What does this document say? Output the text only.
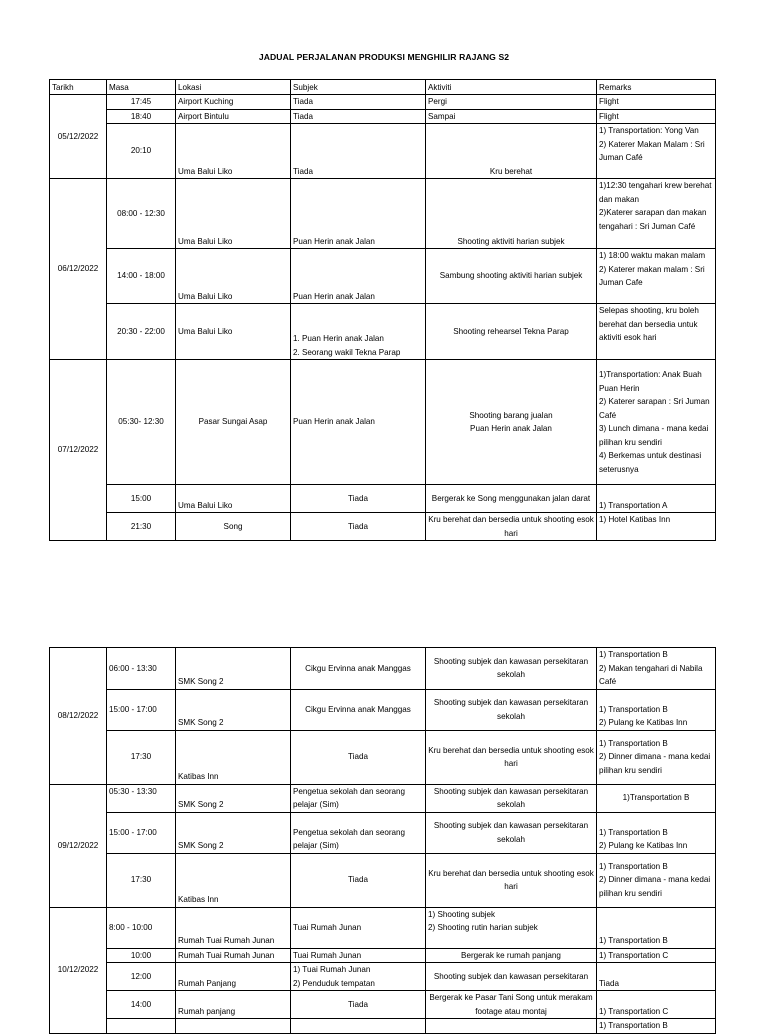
JADUAL PERJALANAN PRODUKSI MENGHILIR RAJANG S2
Tarikh	Masa	Lokasi	Subjek	Aktiviti	Remarks
05/12/2022	17:45	Airport Kuching	Tiada	Pergi	Flight
	18:40	Airport Bintulu	Tiada	Sampai	Flight
	20:10	Uma Balui Liko	Tiada	Kru berehat	1) Transportation: Yong Van
2) Katerer Makan Malam : Sri Juman Café
06/12/2022	08:00 - 12:30	Uma Balui Liko	Puan Herin anak Jalan	Shooting aktiviti harian subjek	1)12:30 tengahari krew berehat dan makan
2)Katerer sarapan dan makan tengahari : Sri Juman Café
	14:00 - 18:00	Uma Balui Liko	Puan Herin anak Jalan	Sambung shooting aktiviti harian subjek	1) 18:00 waktu makan malam
2) Katerer makan malam : Sri Juman Cafe
	20:30 - 22:00	Uma Balui Liko	1. Puan Herin anak Jalan
2. Seorang wakil Tekna Parap	Shooting rehearsel Tekna Parap	Selepas shooting, kru boleh berehat dan bersedia untuk aktiviti esok hari
07/12/2022	05:30- 12:30	Pasar Sungai Asap	Puan Herin anak Jalan	Shooting barang jualan
Puan Herin anak Jalan	1)Transportation: Anak Buah Puan Herin
2) Katerer sarapan : Sri Juman Café
3) Lunch dimana - mana kedai pilihan kru sendiri
4) Berkemas untuk destinasi seterusnya
	15:00	Uma Balui Liko	Tiada	Bergerak ke Song menggunakan jalan darat	1) Transportation A
	21:30	Song	Tiada	Kru berehat dan bersedia untuk shooting esok hari	1) Hotel Katibas Inn
08/12/2022	06:00 - 13:30	SMK Song 2	Cikgu Ervinna anak Manggas	Shooting subjek dan kawasan persekitaran sekolah	1) Transportation B
2) Makan tengahari di Nabila Café
	15:00 - 17:00	SMK Song 2	Cikgu Ervinna anak Manggas	Shooting subjek dan kawasan persekitaran sekolah	1) Transportation B
2) Pulang ke Katibas Inn
	17:30	Katibas Inn	Tiada	Kru berehat dan bersedia untuk shooting esok hari	1) Transportation B
2) Dinner dimana - mana kedai pilihan kru sendiri
09/12/2022	05:30 - 13:30	SMK Song 2	Pengetua sekolah dan seorang pelajar (Sim)	Shooting subjek dan kawasan persekitaran sekolah	1)Transportation B
	15:00 - 17:00	SMK Song 2	Pengetua sekolah dan seorang pelajar (Sim)	Shooting subjek dan kawasan persekitaran sekolah	1) Transportation B
2) Pulang ke Katibas Inn
	17:30	Katibas Inn	Tiada	Kru berehat dan bersedia untuk shooting esok hari	1) Transportation B
2) Dinner dimana - mana kedai pilihan kru sendiri
10/12/2022	8:00 - 10:00	Rumah Tuai Rumah Junan	Tuai Rumah Junan	1) Shooting subjek
2) Shooting rutin harian subjek	1) Transportation B
	10:00	Rumah Tuai Rumah Junan	Tuai Rumah Junan	Bergerak ke rumah panjang	1) Transportation C
	12:00	Rumah Panjang	1) Tuai Rumah Junan
2) Penduduk tempatan	Shooting subjek dan kawasan persekitaran	Tiada
	14:00	Rumah panjang	Tiada	Bergerak ke Pasar Tani Song untuk merakam footage atau montaj	1) Transportation C
					1) Transportation B
